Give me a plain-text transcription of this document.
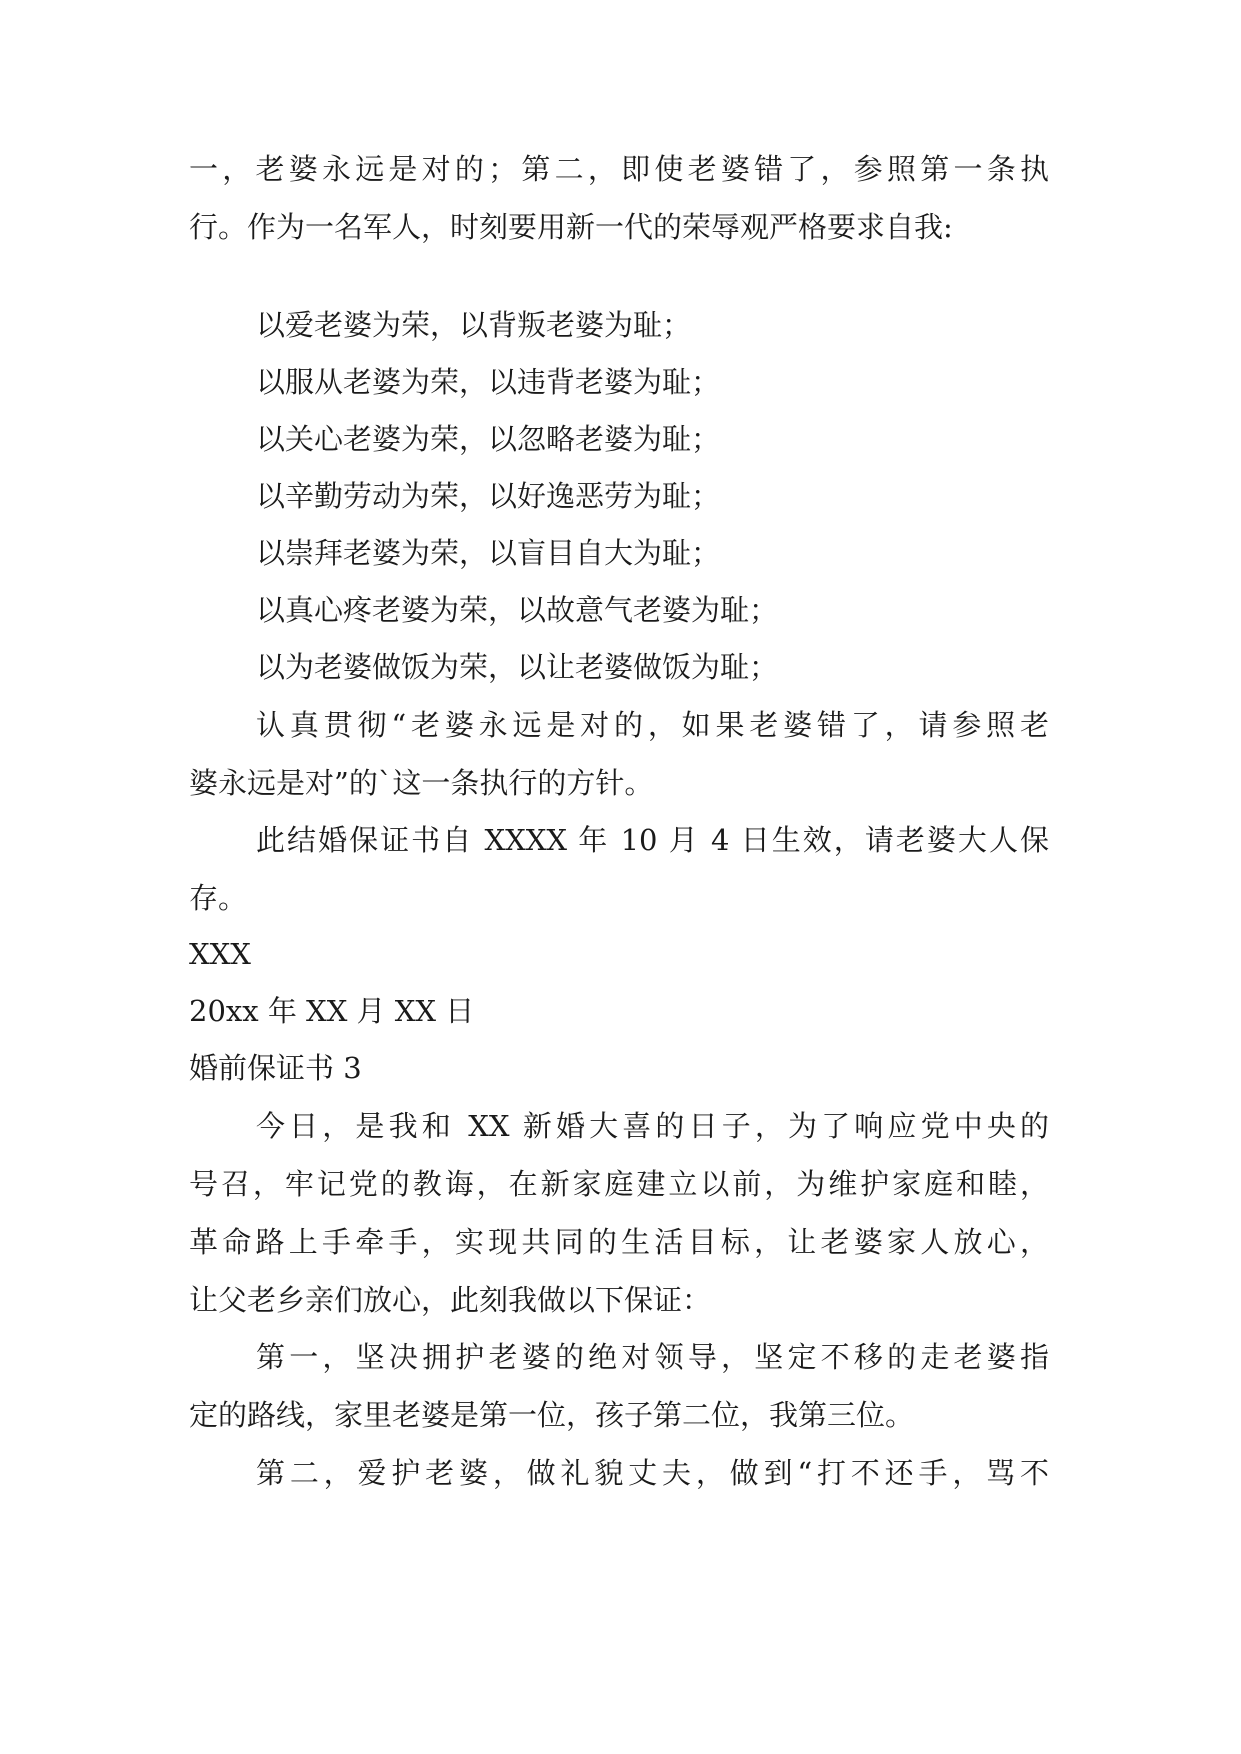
一，老婆永远是对的；第二，即使老婆错了，参照第一条执
行。作为一名军人，时刻要用新一代的荣辱观严格要求自我:
以爱老婆为荣，以背叛老婆为耻；
以服从老婆为荣，以违背老婆为耻；
以关心老婆为荣，以忽略老婆为耻；
以辛勤劳动为荣，以好逸恶劳为耻；
以崇拜老婆为荣，以盲目自大为耻；
以真心疼老婆为荣，以故意气老婆为耻；
以为老婆做饭为荣，以让老婆做饭为耻；
认真贯彻“老婆永远是对的，如果老婆错了，请参照老
婆永远是对”的`这一条执行的方针。
此结婚保证书自 XXXX 年 10 月 4 日生效，请老婆大人保
存。
XXX
20xx 年 XX 月 XX 日
婚前保证书 3
今日，是我和 XX 新婚大喜的日子，为了响应党中央的
号召，牢记党的教诲，在新家庭建立以前，为维护家庭和睦，
革命路上手牵手，实现共同的生活目标，让老婆家人放心，
让父老乡亲们放心，此刻我做以下保证：
第一，坚决拥护老婆的绝对领导，坚定不移的走老婆指
定的路线，家里老婆是第一位，孩子第二位，我第三位。
第二，爱护老婆，做礼貌丈夫，做到“打不还手，骂不
